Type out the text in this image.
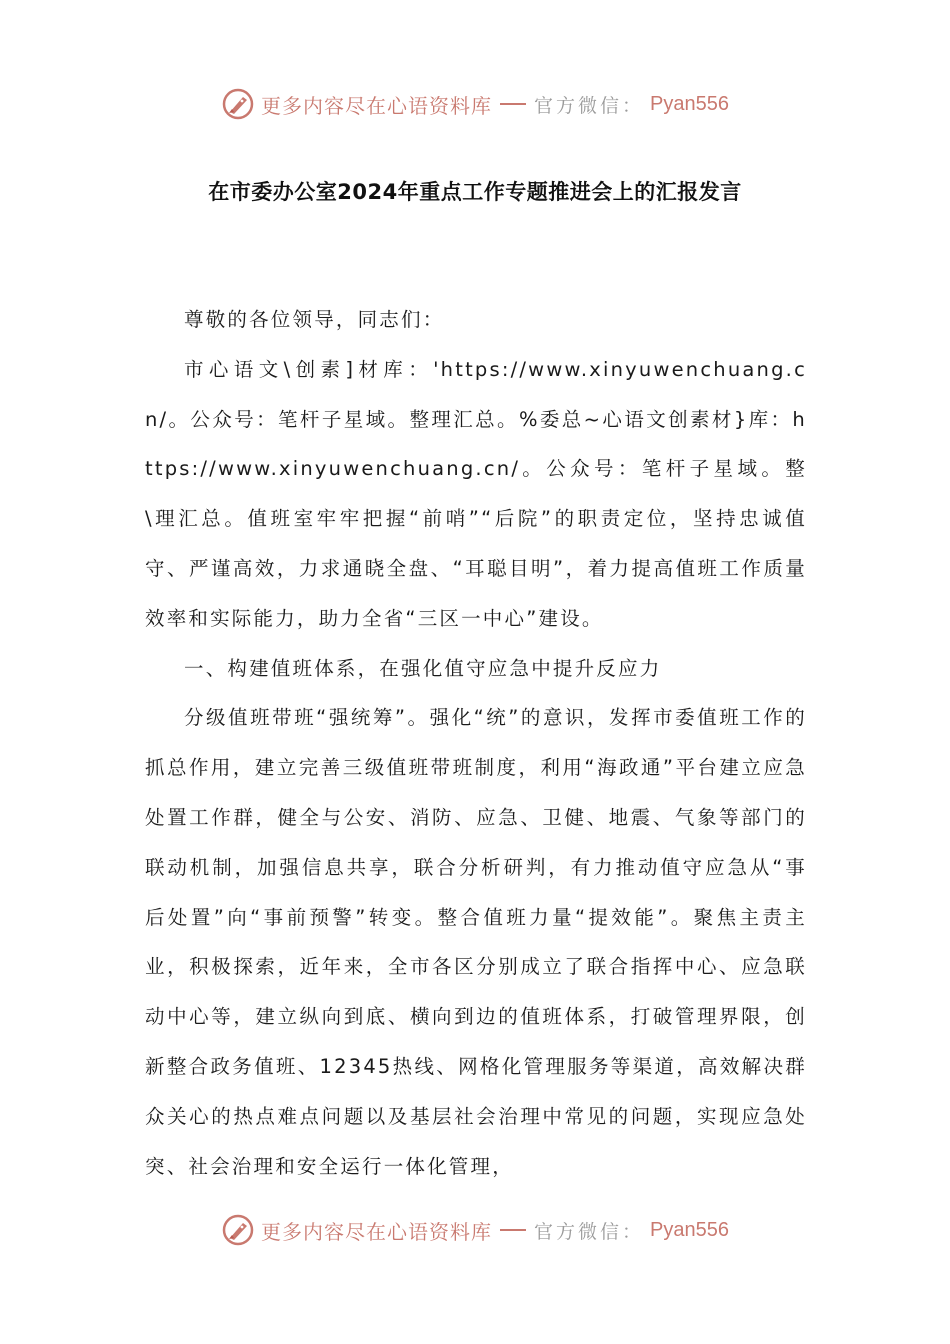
更多内容尽在心语资料库 官方微信： Pyan556
在市委办公室2024年重点工作专题推进会上的汇报发言

尊敬的各位领导，同志们：

市心语文\创素]材库：'https://www.xinyuwenchuang.cn/。公众号：笔杆子星域。整理汇总。%委总~心语文创素材}库：https://www.xinyuwenchuang.cn/。公众号：笔杆子星域。整\理汇总。值班室牢牢把握“前哨”“后院”的职责定位，坚持忠诚值守、严谨高效，力求通晓全盘、“耳聪目明”，着力提高值班工作质量效率和实际能力，助力全省“三区一中心”建设。

一、构建值班体系，在强化值守应急中提升反应力

分级值班带班“强统筹”。强化“统”的意识，发挥市委值班工作的抓总作用，建立完善三级值班带班制度，利用“海政通”平台建立应急处置工作群，健全与公安、消防、应急、卫健、地震、气象等部门的联动机制，加强信息共享，联合分析研判，有力推动值守应急从“事后处置”向“事前预警”转变。整合值班力量“提效能”。聚焦主责主业，积极探索，近年来，全市各区分别成立了联合指挥中心、应急联动中心等，建立纵向到底、横向到边的值班体系，打破管理界限，创新整合政务值班、12345热线、网格化管理服务等渠道，高效解决群众关心的热点难点问题以及基层社会治理中常见的问题，实现应急处突、社会治理和安全运行一体化管理，

更多内容尽在心语资料库 官方微信： Pyan556
